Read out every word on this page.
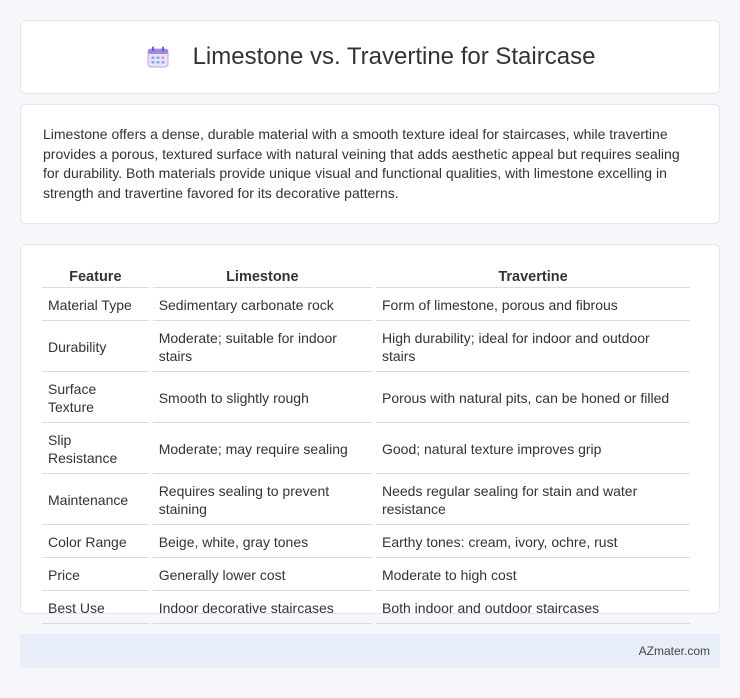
Limestone vs. Travertine for Staircase

Limestone offers a dense, durable material with a smooth texture ideal for staircases, while travertine provides a porous, textured surface with natural veining that adds aesthetic appeal but requires sealing for durability. Both materials provide unique visual and functional qualities, with limestone excelling in strength and travertine favored for its decorative patterns.

Feature	Limestone	Travertine
Material Type	Sedimentary carbonate rock	Form of limestone, porous and fibrous
Durability	Moderate; suitable for indoor stairs	High durability; ideal for indoor and outdoor stairs
Surface Texture	Smooth to slightly rough	Porous with natural pits, can be honed or filled
Slip Resistance	Moderate; may require sealing	Good; natural texture improves grip
Maintenance	Requires sealing to prevent staining	Needs regular sealing for stain and water resistance
Color Range	Beige, white, gray tones	Earthy tones: cream, ivory, ochre, rust
Price	Generally lower cost	Moderate to high cost
Best Use	Indoor decorative staircases	Both indoor and outdoor staircases
AZmater.com
